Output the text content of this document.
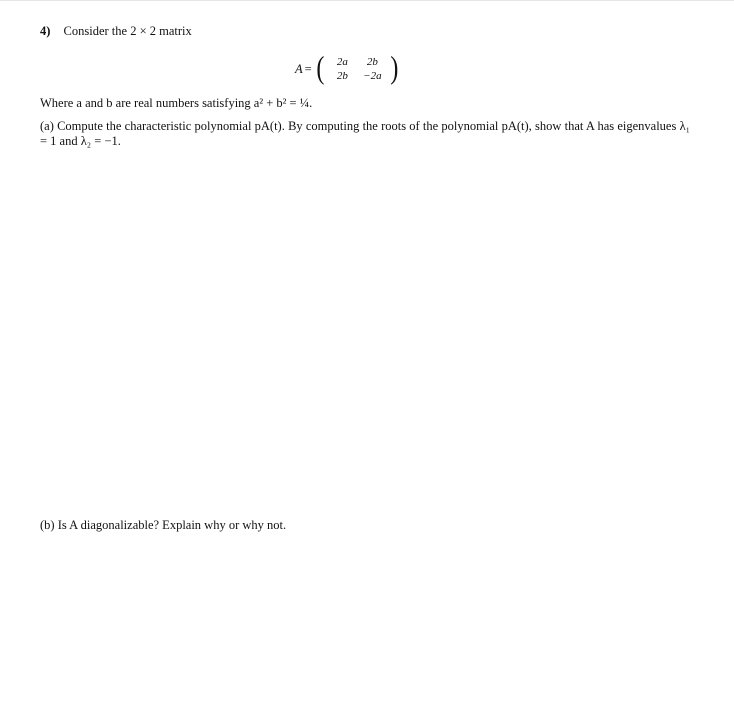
4) Consider the 2 × 2 matrix
A = (	2a	2b
2b	−2a )
Where a and b are real numbers satisfying a² + b² = ¼.
(a) Compute the characteristic polynomial pA(t). By computing the roots of the polynomial pA(t), show that A has eigenvalues λ₁ = 1 and λ₂ = −1.
(b) Is A diagonalizable? Explain why or why not.
